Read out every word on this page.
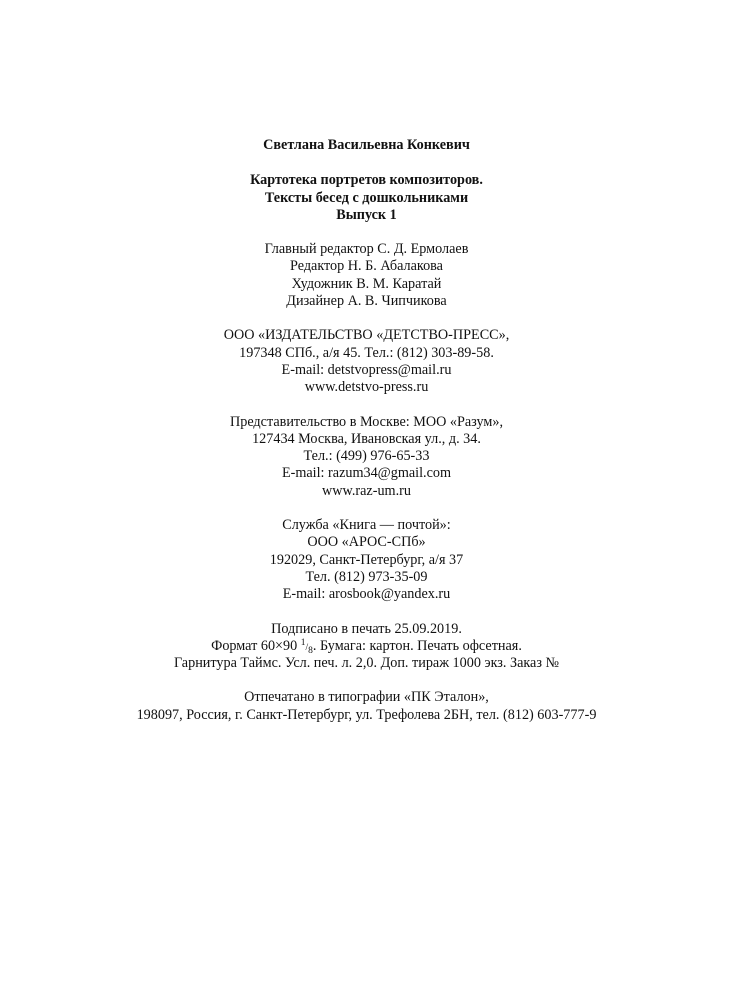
Светлана Васильевна Конкевич
Картотека портретов композиторов.
Тексты бесед с дошкольниками
Выпуск 1
Главный редактор С. Д. Ермолаев
Редактор Н. Б. Абалакова
Художник В. М. Каратай
Дизайнер А. В. Чипчикова
ООО «ИЗДАТЕЛЬСТВО «ДЕТСТВО-ПРЕСС»,
197348 СПб., а/я 45. Тел.: (812) 303-89-58.
E-mail: detstvopress@mail.ru
www.detstvo-press.ru
Представительство в Москве: МОО «Разум»,
127434 Москва, Ивановская ул., д. 34.
Тел.: (499) 976-65-33
E-mail: razum34@gmail.com
www.raz-um.ru
Служба «Книга — почтой»:
ООО «АРОС-СПб»
192029, Санкт-Петербург, а/я 37
Тел. (812) 973-35-09
E-mail: arosbook@yandex.ru
Подписано в печать 25.09.2019.
Формат 60×90 1/8. Бумага: картон. Печать офсетная.
Гарнитура Таймс. Усл. печ. л. 2,0. Доп. тираж 1000 экз. Заказ №
Отпечатано в типографии «ПК Эталон»,
198097, Россия, г. Санкт-Петербург, ул. Трефолева 2БН, тел. (812) 603-777-9
